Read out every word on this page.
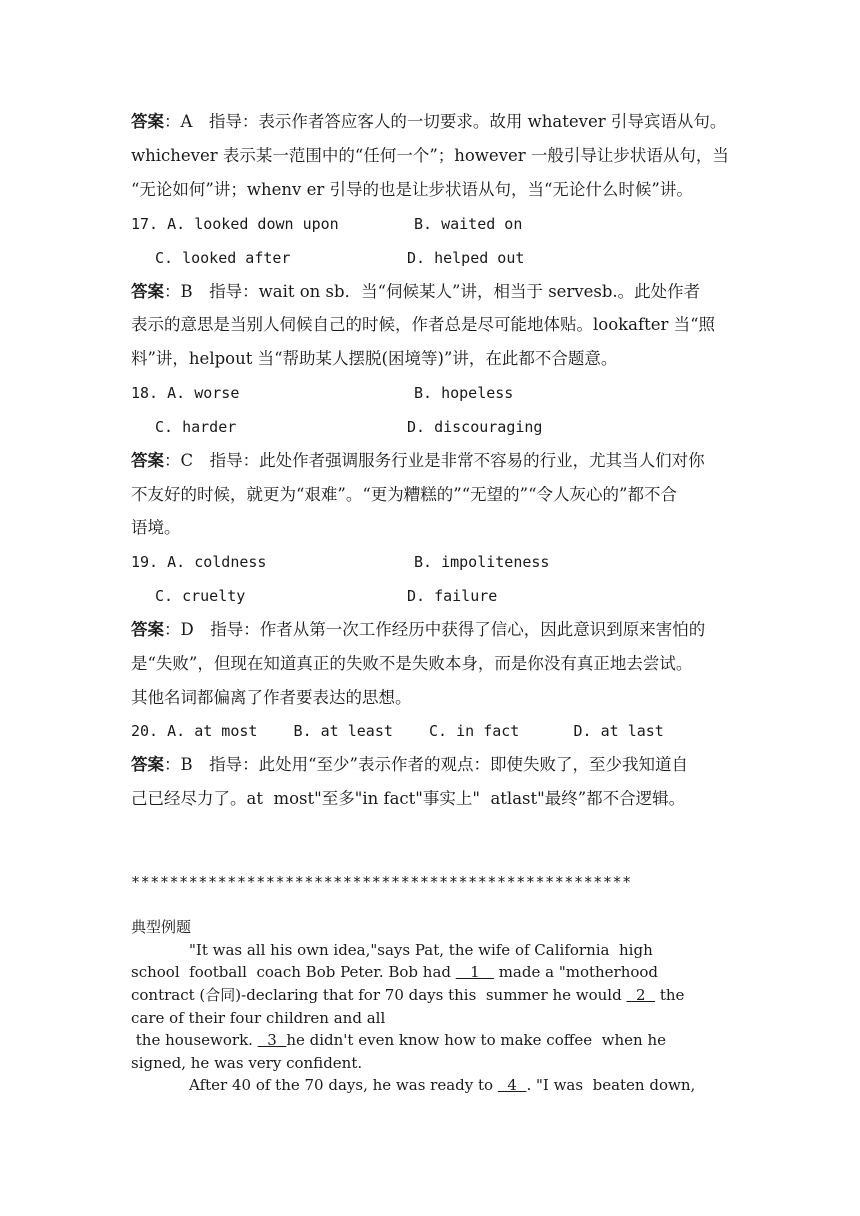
答案：A　指导：表示作者答应客人的一切要求。故用 whatever 引导宾语从句。
whichever 表示某一范围中的“任何一个”；however 一般引导让步状语从句，当
“无论如何”讲；whenv er 引导的也是让步状语从句，当“无论什么时候”讲。
17. A. looked down upon	B. waited on
C. looked after	D. helped out
答案：B　指导：wait on sb．当“伺候某人”讲，相当于 servesb.。此处作者
表示的意思是当别人伺候自己的时候，作者总是尽可能地体贴。lookafter 当“照
料”讲，helpout 当“帮助某人摆脱(困境等)”讲，在此都不合题意。
18. A. worse	B. hopeless
C. harder	D. discouraging
答案：C　指导：此处作者强调服务行业是非常不容易的行业，尤其当人们对你
不友好的时候，就更为“艰难”。“更为糟糕的”“无望的”“令人灰心的”都不合
语境。
19. A. coldness	B. impoliteness
C. cruelty	D. failure
答案：D　指导：作者从第一次工作经历中获得了信心，因此意识到原来害怕的
是“失败”，但现在知道真正的失败不是失败本身，而是你没有真正地去尝试。
其他名词都偏离了作者要表达的思想。
20. A. at most    B. at least    C. in fact      D. at last
答案：B　指导：此处用“至少”表示作者的观点：即使失败了，至少我知道自
己已经尽力了。at  most"至多"in fact"事实上"  atlast"最终”都不合逻辑。
****************************************************
典型例题
"It was all his own idea,"says Pat, the wife of California  high
school  football  coach Bob Peter. Bob had    1    made a "motherhood
contract (合同)-declaring that for 70 days this  summer he would   2   the
care of their four children and all
the housework.   3  he didn't even know how to make coffee  when he
signed, he was very confident.
After 40 of the 70 days, he was ready to   4  . "I was  beaten down,
